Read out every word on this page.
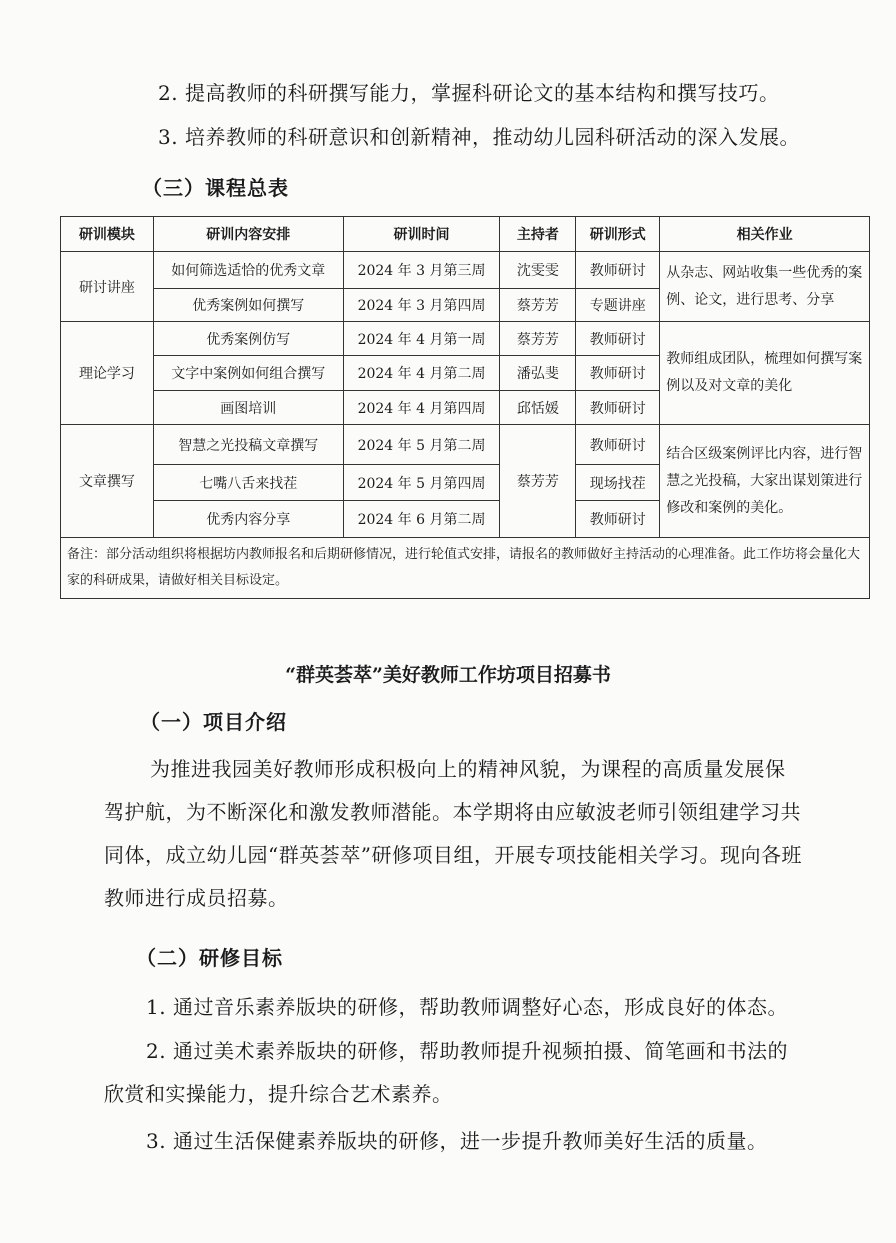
2. 提高教师的科研撰写能力，掌握科研论文的基本结构和撰写技巧。
3. 培养教师的科研意识和创新精神，推动幼儿园科研活动的深入发展。
（三）课程总表
研训模块	研训内容安排	研训时间	主持者	研训形式	相关作业
研讨讲座	如何筛选适恰的优秀文章	2024 年 3 月第三周	沈雯雯	教师研讨	从杂志、网站收集一些优秀的案例、论文，进行思考、分享
	优秀案例如何撰写	2024 年 3 月第四周	蔡芳芳	专题讲座	
理论学习	优秀案例仿写	2024 年 4 月第一周	蔡芳芳	教师研讨	教师组成团队，梳理如何撰写案例以及对文章的美化
	文字中案例如何组合撰写	2024 年 4 月第二周	潘弘斐	教师研讨	
	画图培训	2024 年 4 月第四周	邱恬媛	教师研讨	
文章撰写	智慧之光投稿文章撰写	2024 年 5 月第二周	蔡芳芳	教师研讨	结合区级案例评比内容，进行智慧之光投稿，大家出谋划策进行修改和案例的美化。
	七嘴八舌来找茬	2024 年 5 月第四周		现场找茬	
	优秀内容分享	2024 年 6 月第二周		教师研讨	
备注：部分活动组织将根据坊内教师报名和后期研修情况，进行轮值式安排，请报名的教师做好主持活动的心理准备。此工作坊将会量化大家的科研成果，请做好相关目标设定。					
“群英荟萃”美好教师工作坊项目招募书
（一）项目介绍
为推进我园美好教师形成积极向上的精神风貌，为课程的高质量发展保驾护航，为不断深化和激发教师潜能。本学期将由应敏波老师引领组建学习共同体，成立幼儿园“群英荟萃”研修项目组，开展专项技能相关学习。现向各班教师进行成员招募。
（二）研修目标
1. 通过音乐素养版块的研修，帮助教师调整好心态，形成良好的体态。
2. 通过美术素养版块的研修，帮助教师提升视频拍摄、简笔画和书法的欣赏和实操能力，提升综合艺术素养。
3. 通过生活保健素养版块的研修，进一步提升教师美好生活的质量。
